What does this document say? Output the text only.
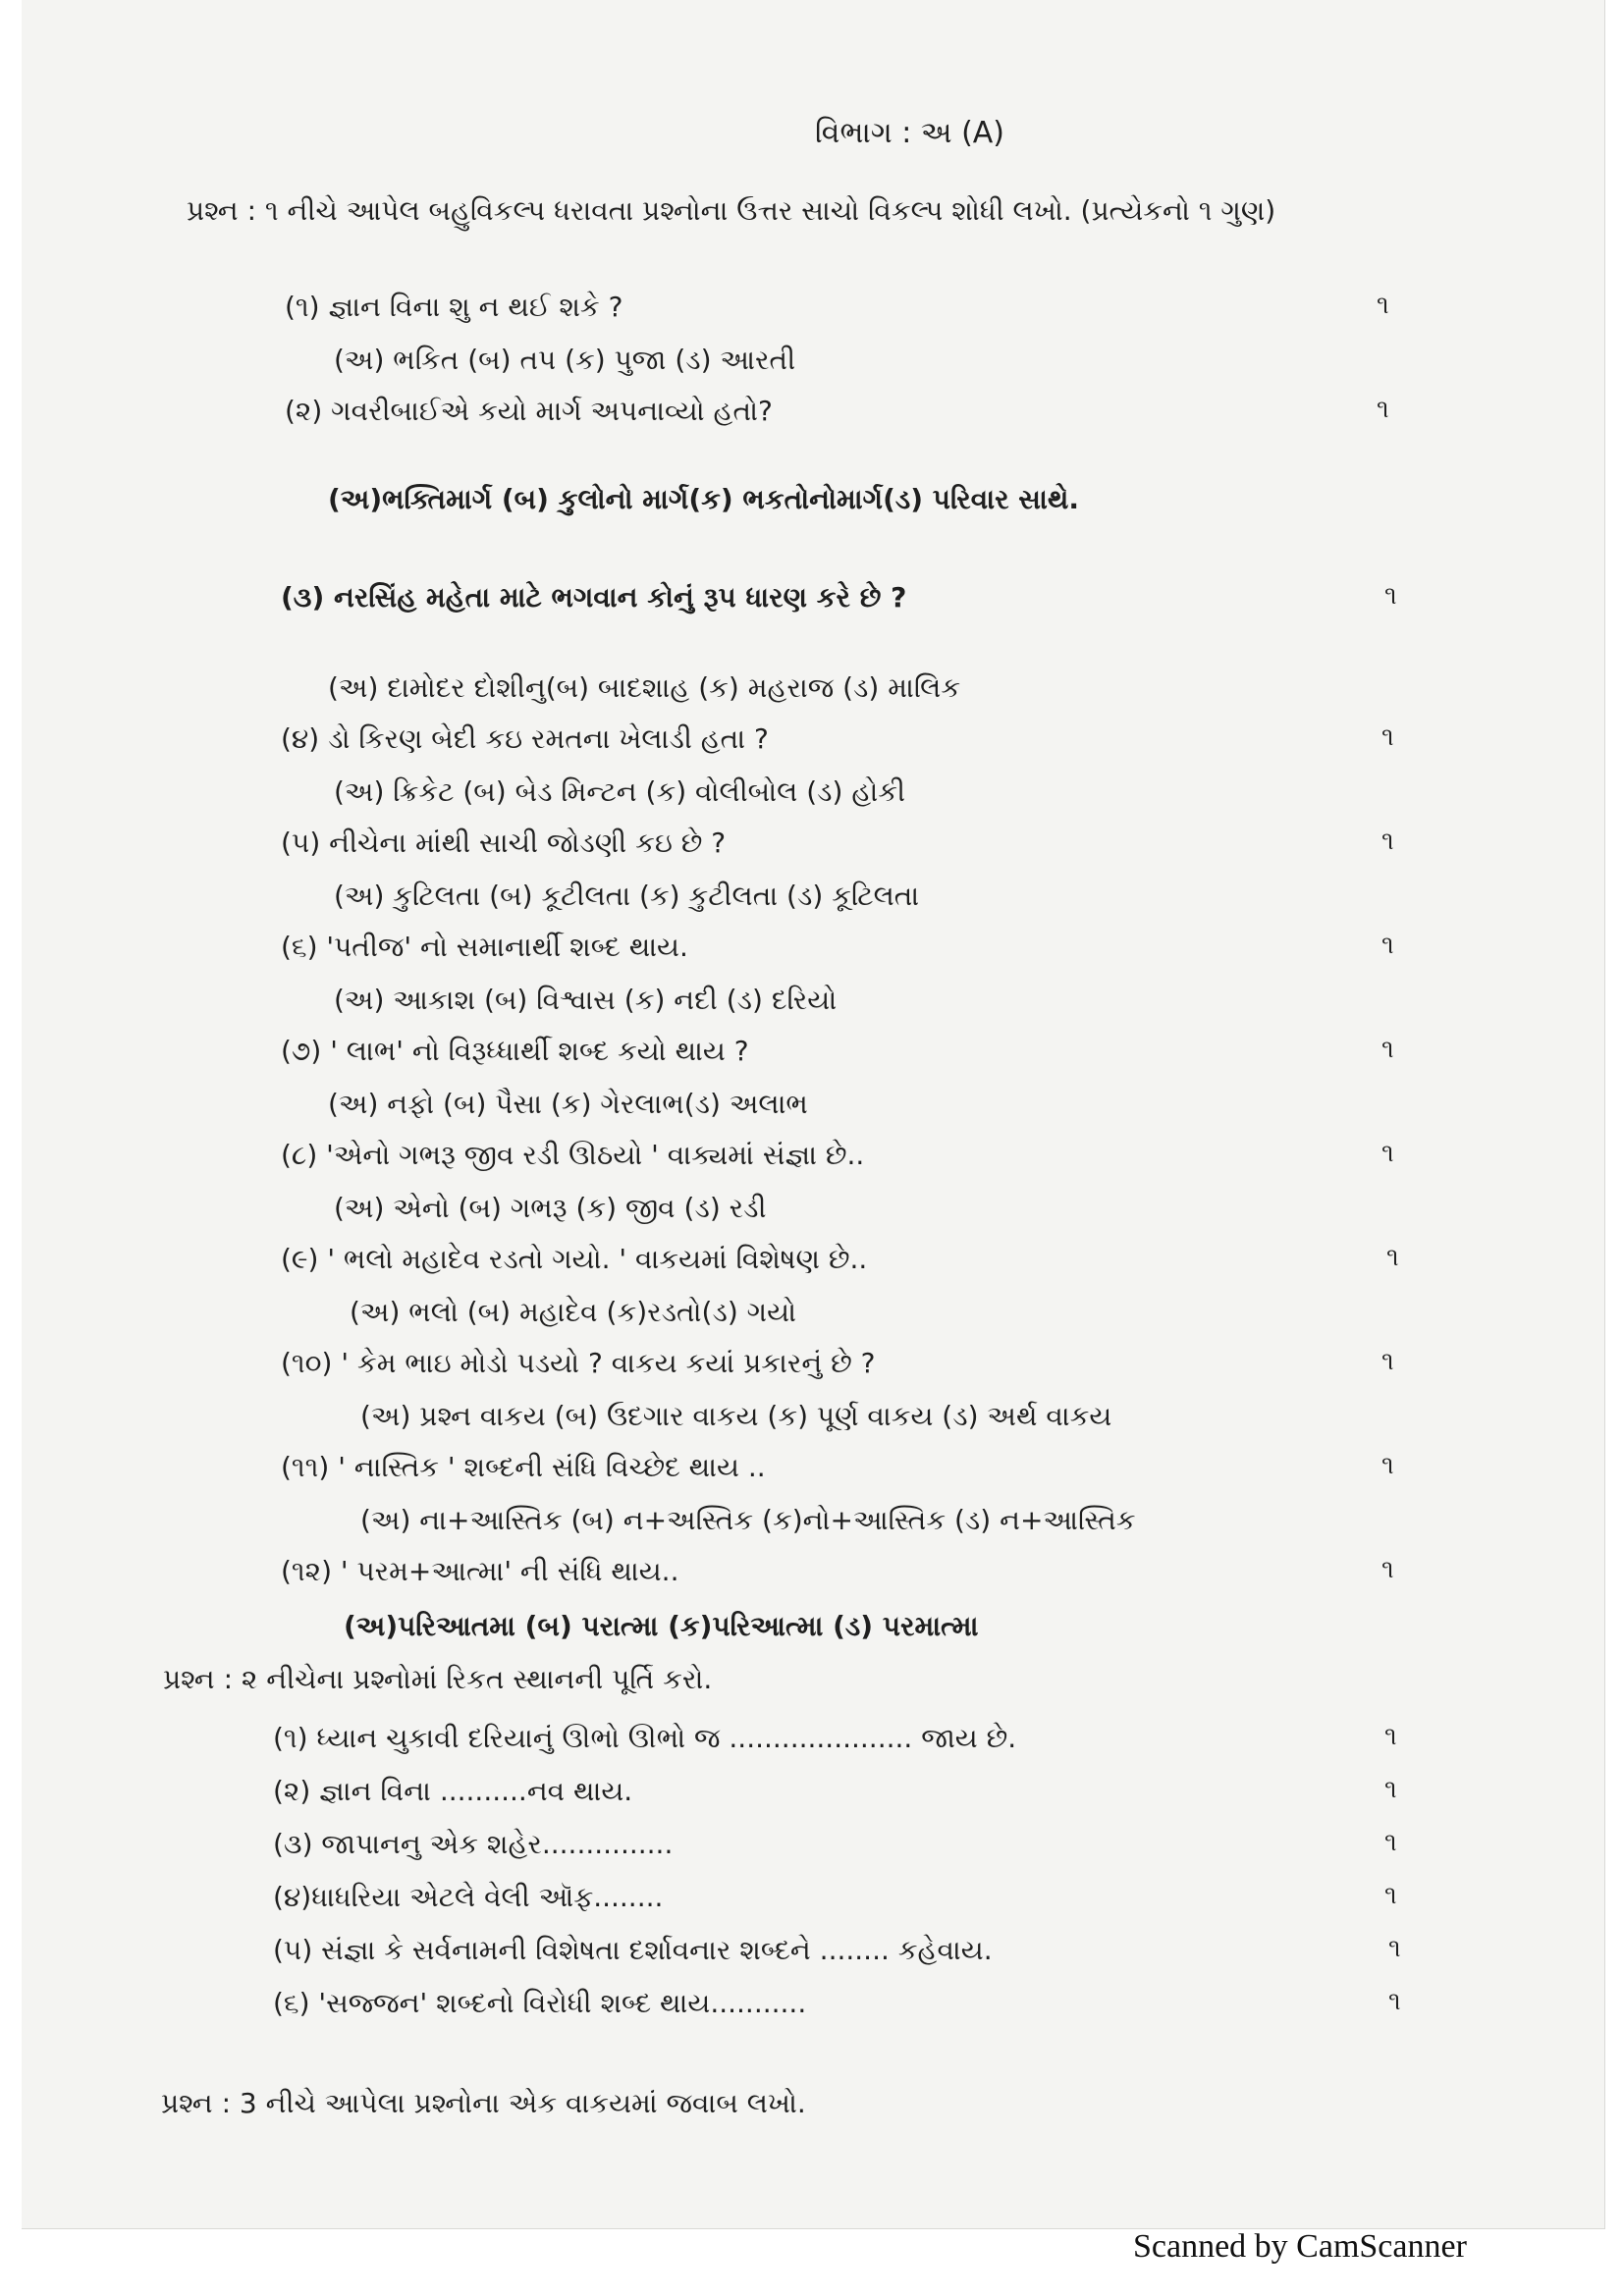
વિભાગ : અ (A)
પ્રશ્ન : ૧ નીચે આપેલ બહુવિકલ્પ ધરાવતા પ્રશ્નોના ઉત્તર સાચો વિકલ્પ શોધી લખો. (પ્રત્યેકનો ૧ ગુણ)
(૧) જ્ઞાન વિના શુ ન થઈ શકે ?	૧
(અ) ભકિત (બ) તપ (ક) પુજા (ડ) આરતી
(૨) ગવરીબાઈએ કયો માર્ગ અપનાવ્યો હતો?	૧
(અ)ભક્તિમાર્ગ (બ) કુલોનો માર્ગ(ક) ભકતોનોમાર્ગ(ડ) પરિવાર સાથે.
(૩) નરસિંહ મહેતા માટે ભગવાન કોનું રૂપ ધારણ કરે છે ?	૧
(અ) દામોદર દોશીનુ(બ) બાદશાહ (ક) મહરાજ (ડ) માલિક
(૪) ડો કિરણ બેદી કઇ રમતના ખેલાડી હતા ?	૧
(અ) ક્રિકેટ (બ) બેડ મિન્ટન (ક) વોલીબોલ (ડ) હોકી
(૫) નીચેના માંથી સાચી જોડણી કઇ છે ?	૧
(અ) કુટિલતા (બ) કૂટીલતા (ક) કુટીલતા (ડ) કૂટિલતા
(૬) 'પતીજ' નો સમાનાર્થી શબ્દ થાય.	૧
(અ) આકાશ (બ) વિશ્વાસ (ક) નદી (ડ) દરિયો
(૭) ' લાભ' નો વિરૂધ્ધાર્થી શબ્દ કયો થાય ?	૧
(અ) નફો (બ) પૈસા (ક) ગેરલાભ(ડ) અલાભ
(૮) 'એનો ગભરૂ જીવ રડી ઊઠયો ' વાક્યમાં સંજ્ઞા છે..	૧
(અ) એનો (બ) ગભરૂ (ક) જીવ (ડ) રડી
(૯) ' ભલો મહાદેવ રડતો ગયો. ' વાકયમાં વિશેષણ છે..	૧
(અ) ભલો (બ) મહાદેવ (ક)રડતો(ડ) ગયો
(૧૦) ' કેમ ભાઇ મોડો પડયો ? વાકય કયાં પ્રકારનું છે ?	૧
(અ) પ્રશ્ન વાકય (બ) ઉદગાર વાકય (ક) પૂર્ણ વાકય (ડ) અર્થ વાકય
(૧૧) ' નાસ્તિક ' શબ્દની સંધિ વિચ્છેદ થાય ..	૧
(અ) ના+આસ્તિક (બ) ન+અસ્તિક (ક)નો+આસ્તિક (ડ) ન+આસ્તિક
(૧૨) ' પરમ+આત્મા' ની સંધિ થાય..	૧
(અ)પરિઆતમા (બ) પરાત્મા (ક)પરિઆત્મા (ડ) પરમાત્મા
પ્રશ્ન : ૨ નીચેના પ્રશ્નોમાં રિકત સ્થાનની પૂર્તિ કરો.
(૧) ધ્યાન ચુકાવી દરિયાનું ઊભો ઊભો જ ..................... જાય છે.	૧
(૨) જ્ઞાન વિના ..........નવ થાય.	૧
(૩) જાપાનનુ એક શહેર...............	૧
(૪)ધાધરિયા એટલે વેલી ઑફ........	૧
(૫) સંજ્ઞા કે સર્વનામની વિશેષતા દર્શાવનાર શબ્દને ........ કહેવાય.	૧
(૬) 'સજ્જન' શબ્દનો વિરોધી શબ્દ થાય...........	૧
પ્રશ્ન : 3 નીચે આપેલા પ્રશ્નોના એક વાકયમાં જવાબ લખો.
Scanned by CamScanner
